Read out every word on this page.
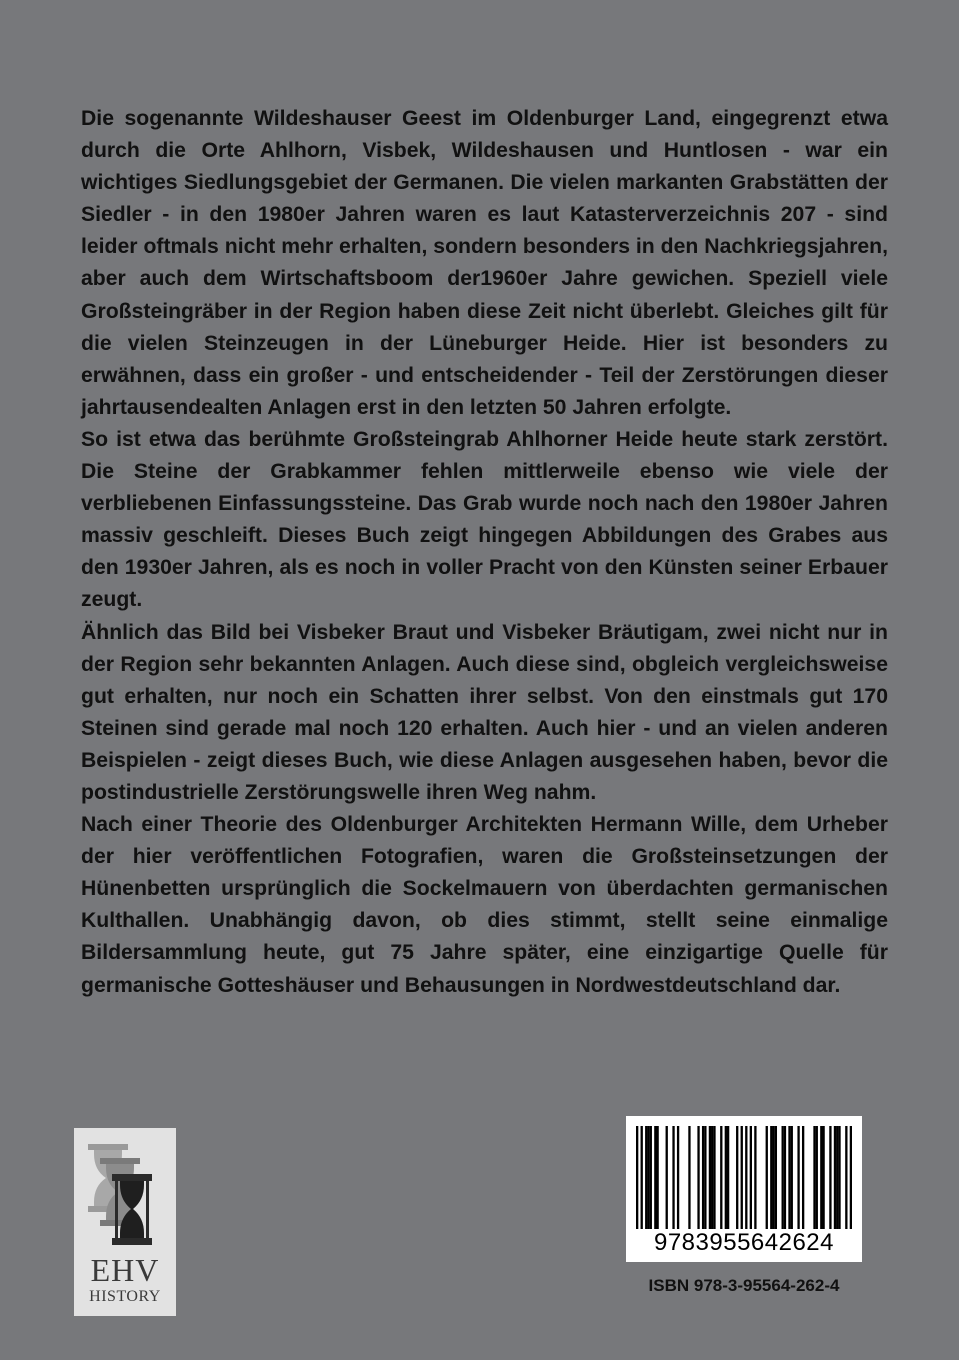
Die sogenannte Wildeshauser Geest im Oldenburger Land, eingegrenzt etwa durch die Orte Ahlhorn, Visbek, Wildeshausen und Huntlosen - war ein wichtiges Siedlungsgebiet der Germanen. Die vielen markanten Grabstätten der Siedler - in den 1980er Jahren waren es laut Katasterverzeichnis 207 - sind leider oftmals nicht mehr erhalten, sondern besonders in den Nachkriegsjahren, aber auch dem Wirtschaftsboom der1960er Jahre gewichen. Speziell viele Großsteingräber in der Region haben diese Zeit nicht überlebt. Gleiches gilt für die vielen Steinzeugen in der Lüneburger Heide. Hier ist besonders zu erwähnen, dass ein großer - und entscheidender - Teil der Zerstörungen dieser jahrtausendealten Anlagen erst in den letzten 50 Jahren erfolgte.

So ist etwa das berühmte Großsteingrab Ahlhorner Heide heute stark zerstört. Die Steine der Grabkammer fehlen mittlerweile ebenso wie viele der verbliebenen Einfassungssteine. Das Grab wurde noch nach den 1980er Jahren massiv geschleift. Dieses Buch zeigt hingegen Abbildungen des Grabes aus den 1930er Jahren, als es noch in voller Pracht von den Künsten seiner Erbauer zeugt.

Ähnlich das Bild bei Visbeker Braut und Visbeker Bräutigam, zwei nicht nur in der Region sehr bekannten Anlagen. Auch diese sind, obgleich vergleichsweise gut erhalten, nur noch ein Schatten ihrer selbst. Von den einstmals gut 170 Steinen sind gerade mal noch 120 erhalten. Auch hier - und an vielen anderen Beispielen - zeigt dieses Buch, wie diese Anlagen ausgesehen haben, bevor die postindustrielle Zerstörungswelle ihren Weg nahm.

Nach einer Theorie des Oldenburger Architekten Hermann Wille, dem Urheber der hier veröffentlichen Fotografien, waren die Großsteinsetzungen der Hünenbetten ursprünglich die Sockelmauern von überdachten germanischen Kulthallen. Unabhängig davon, ob dies stimmt, stellt seine einmalige Bildersammlung heute, gut 75 Jahre später, eine einzigartige Quelle für germanische Gotteshäuser und Behausungen in Nordwestdeutschland dar.

EHV
HISTORY
9783955642624
ISBN 978-3-95564-262-4
